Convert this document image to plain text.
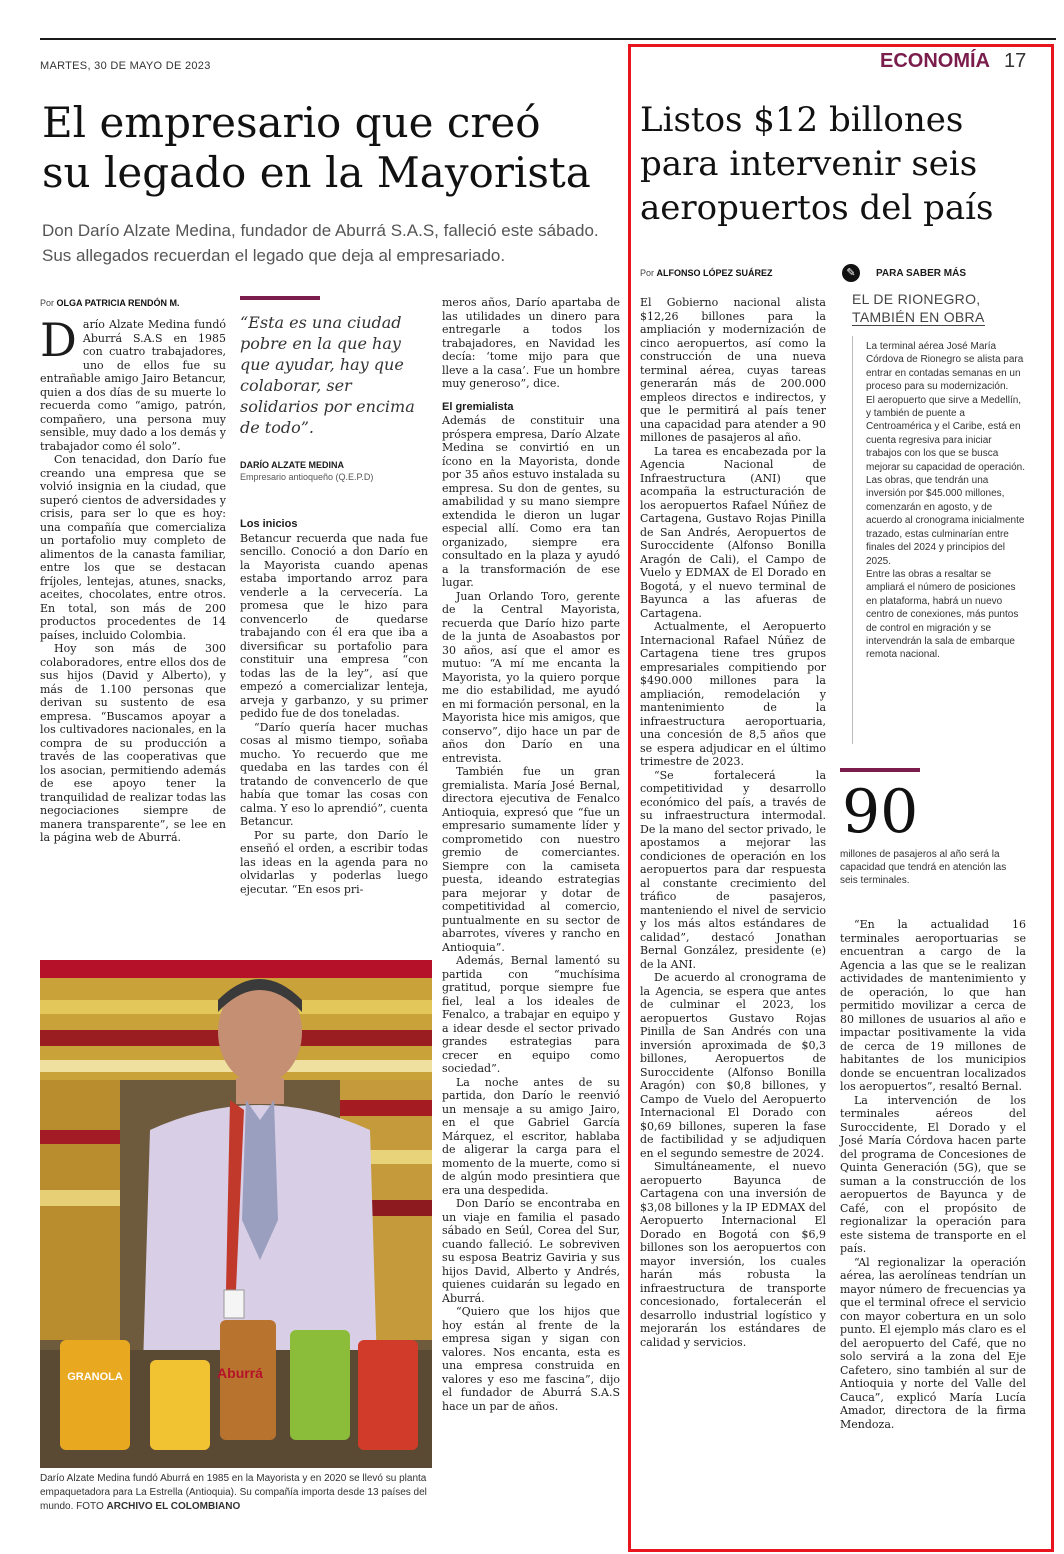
MARTES, 30 DE MAYO DE 2023	ECONOMÍA 17
El empresario que creó
su legado en la Mayorista
Don Darío Alzate Medina, fundador de Aburrá S.A.S, falleció este sábado. Sus allegados recuerdan el legado que deja al empresariado.
Por OLGA PATRICIA RENDÓN M.

Darío Alzate Medina fundó Aburrá S.A.S en 1985 con cuatro trabajadores, uno de ellos fue su entrañable amigo Jairo Betancur, quien a dos días de su muerte lo recuerda como “amigo, patrón, compañero, una persona muy sensible, muy dado a los demás y trabajador como él solo”.

Con tenacidad, don Darío fue creando una empresa que se volvió insignia en la ciudad, que superó cientos de adversidades y crisis, para ser lo que es hoy: una compañía que comercializa un portafolio muy completo de alimentos de la canasta familiar, entre los que se destacan fríjoles, lentejas, atunes, snacks, aceites, chocolates, entre otros. En total, son más de 200 productos procedentes de 14 países, incluido Colombia.

Hoy son más de 300 colaboradores, entre ellos dos de sus hijos (David y Alberto), y más de 1.100 personas que derivan su sustento de esa empresa. “Buscamos apoyar a los cultivadores nacionales, en la compra de su producción a través de las cooperativas que los asocian, permitiendo además de ese apoyo tener la tranquilidad de realizar todas las negociaciones siempre de manera transparente”, se lee en la página web de Aburrá.

“Esta es una ciudad pobre en la que hay que ayudar, hay que colaborar, ser solidarios por encima de todo”.
DARÍO ALZATE MEDINA
Empresario antioqueño (Q.E.P.D)
Los inicios

Betancur recuerda que nada fue sencillo. Conoció a don Darío en la Mayorista cuando apenas estaba importando arroz para venderle a la cervecería. La promesa que le hizo para convencerlo de quedarse trabajando con él era que iba a diversificar su portafolio para constituir una empresa “con todas las de la ley”, así que empezó a comercializar lenteja, arveja y garbanzo, y su primer pedido fue de dos toneladas.

“Darío quería hacer muchas cosas al mismo tiempo, soñaba mucho. Yo recuerdo que me quedaba en las tardes con él tratando de convencerlo de que había que tomar las cosas con calma. Y eso lo aprendió”, cuenta Betancur.

Por su parte, don Darío le enseñó el orden, a escribir todas las ideas en la agenda para no olvidarlas y poderlas luego ejecutar. “En esos pri-

meros años, Darío apartaba de las utilidades un dinero para entregarle a todos los trabajadores, en Navidad les decía: ‘tome mijo para que lleve a la casa’. Fue un hombre muy generoso”, dice.

El gremialista

Además de constituir una próspera empresa, Darío Alzate Medina se convirtió en un ícono en la Mayorista, donde por 35 años estuvo instalada su empresa. Su don de gentes, su amabilidad y su mano siempre extendida le dieron un lugar especial allí. Como era tan organizado, siempre era consultado en la plaza y ayudó a la transformación de ese lugar.

Juan Orlando Toro, gerente de la Central Mayorista, recuerda que Darío hizo parte de la junta de Asoabastos por 30 años, así que el amor es mutuo: “A mí me encanta la Mayorista, yo la quiero porque me dio estabilidad, me ayudó en mi formación personal, en la Mayorista hice mis amigos, que conservo”, dijo hace un par de años don Darío en una entrevista.

También fue un gran gremialista. María José Bernal, directora ejecutiva de Fenalco Antioquia, expresó que “fue un empresario sumamente líder y comprometido con nuestro gremio de comerciantes. Siempre con la camiseta puesta, ideando estrategias para mejorar y dotar de competitividad al comercio, puntualmente en su sector de abarrotes, víveres y rancho en Antioquia”.

Además, Bernal lamentó su partida con “muchísima gratitud, porque siempre fue fiel, leal a los ideales de Fenalco, a trabajar en equipo y a idear desde el sector privado grandes estrategias para crecer en equipo como sociedad”.

La noche antes de su partida, don Darío le reenvió un mensaje a su amigo Jairo, en el que Gabriel García Márquez, el escritor, hablaba de aligerar la carga para el momento de la muerte, como si de algún modo presintiera que era una despedida.

Don Darío se encontraba en un viaje en familia el pasado sábado en Seúl, Corea del Sur, cuando falleció. Le sobreviven su esposa Beatriz Gaviria y sus hijos David, Alberto y Andrés, quienes cuidarán su legado en Aburrá.

“Quiero que los hijos que hoy están al frente de la empresa sigan y sigan con valores. Nos encanta, esta es una empresa construida en valores y eso me fascina”, dijo el fundador de Aburrá S.A.S hace un par de años.

Aburrá
GRANOLA
Darío Alzate Medina fundó Aburrá en 1985 en la Mayorista y en 2020 se llevó su planta empaquetadora para La Estrella (Antioquia). Su compañía importa desde 13 países del mundo. FOTO ARCHIVO EL COLOMBIANO
Listos $12 billones
para intervenir seis
aeropuertos del país
Por ALFONSO LÓPEZ SUÁREZ

El Gobierno nacional alista $12,26 billones para la ampliación y modernización de cinco aeropuertos, así como la construcción de una nueva terminal aérea, cuyas tareas generarán más de 200.000 empleos directos e indirectos, y que le permitirá al país tener una capacidad para atender a 90 millones de pasajeros al año.

La tarea es encabezada por la Agencia Nacional de Infraestructura (ANI) que acompaña la estructuración de los aeropuertos Rafael Núñez de Cartagena, Gustavo Rojas Pinilla de San Andrés, Aeropuertos de Suroccidente (Alfonso Bonilla Aragón de Cali), el Campo de Vuelo y EDMAX de El Dorado en Bogotá, y el nuevo terminal de Bayunca a las afueras de Cartagena.

Actualmente, el Aeropuerto Internacional Rafael Núñez de Cartagena tiene tres grupos empresariales compitiendo por $490.000 millones para la ampliación, remodelación y mantenimiento de la infraestructura aeroportuaria, una concesión de 8,5 años que se espera adjudicar en el último trimestre de 2023.

“Se fortalecerá la competitividad y desarrollo económico del país, a través de su infraestructura intermodal. De la mano del sector privado, le apostamos a mejorar las condiciones de operación en los aeropuertos para dar respuesta al constante crecimiento del tráfico de pasajeros, manteniendo el nivel de servicio y los más altos estándares de calidad”, destacó Jonathan Bernal González, presidente (e) de la ANI.

De acuerdo al cronograma de la Agencia, se espera que antes de culminar el 2023, los aeropuertos Gustavo Rojas Pinilla de San Andrés con una inversión aproximada de $0,3 billones, Aeropuertos de Suroccidente (Alfonso Bonilla Aragón) con $0,8 billones, y Campo de Vuelo del Aeropuerto Internacional El Dorado con $0,69 billones, superen la fase de factibilidad y se adjudiquen en el segundo semestre de 2024.

Simultáneamente, el nuevo aeropuerto Bayunca de Cartagena con una inversión de $3,08 billones y la IP EDMAX del Aeropuerto Internacional El Dorado en Bogotá con $6,9 billones son los aeropuertos con mayor inversión, los cuales harán más robusta la infraestructura de transporte concesionado, fortalecerán el desarrollo industrial logístico y mejorarán los estándares de calidad y servicios.

✎	PARA SABER MÁS
EL DE RIONEGRO,
TAMBIÉN EN OBRA

La terminal aérea José María Córdova de Rionegro se alista para entrar en contadas semanas en un proceso para su modernización.

El aeropuerto que sirve a Medellín, y también de puente a Centroamérica y el Caribe, está en cuenta regresiva para iniciar trabajos con los que se busca mejorar su capacidad de operación.

Las obras, que tendrán una inversión por $45.000 millones, comenzarán en agosto, y de acuerdo al cronograma inicialmente trazado, estas culminarían entre finales del 2024 y principios del 2025.

Entre las obras a resaltar se ampliará el número de posiciones en plataforma, habrá un nuevo centro de conexiones, más puntos de control en migración y se intervendrán la sala de embarque remota nacional.

90
millones de pasajeros al año será la capacidad que tendrá en atención las seis terminales.

“En la actualidad 16 terminales aeroportuarias se encuentran a cargo de la Agencia a las que se le realizan actividades de mantenimiento y de operación, lo que han permitido movilizar a cerca de 80 millones de usuarios al año e impactar positivamente la vida de cerca de 19 millones de habitantes de los municipios donde se encuentran localizados los aeropuertos”, resaltó Bernal.

La intervención de los terminales aéreos del Suroccidente, El Dorado y el José María Córdova hacen parte del programa de Concesiones de Quinta Generación (5G), que se suman a la construcción de los aeropuertos de Bayunca y de Café, con el propósito de regionalizar la operación para este sistema de transporte en el país.

“Al regionalizar la operación aérea, las aerolíneas tendrían un mayor número de frecuencias ya que el terminal ofrece el servicio con mayor cobertura en un solo punto. El ejemplo más claro es el del aeropuerto del Café, que no solo servirá a la zona del Eje Cafetero, sino también al sur de Antioquia y norte del Valle del Cauca”, explicó María Lucía Amador, directora de la firma Mendoza.
